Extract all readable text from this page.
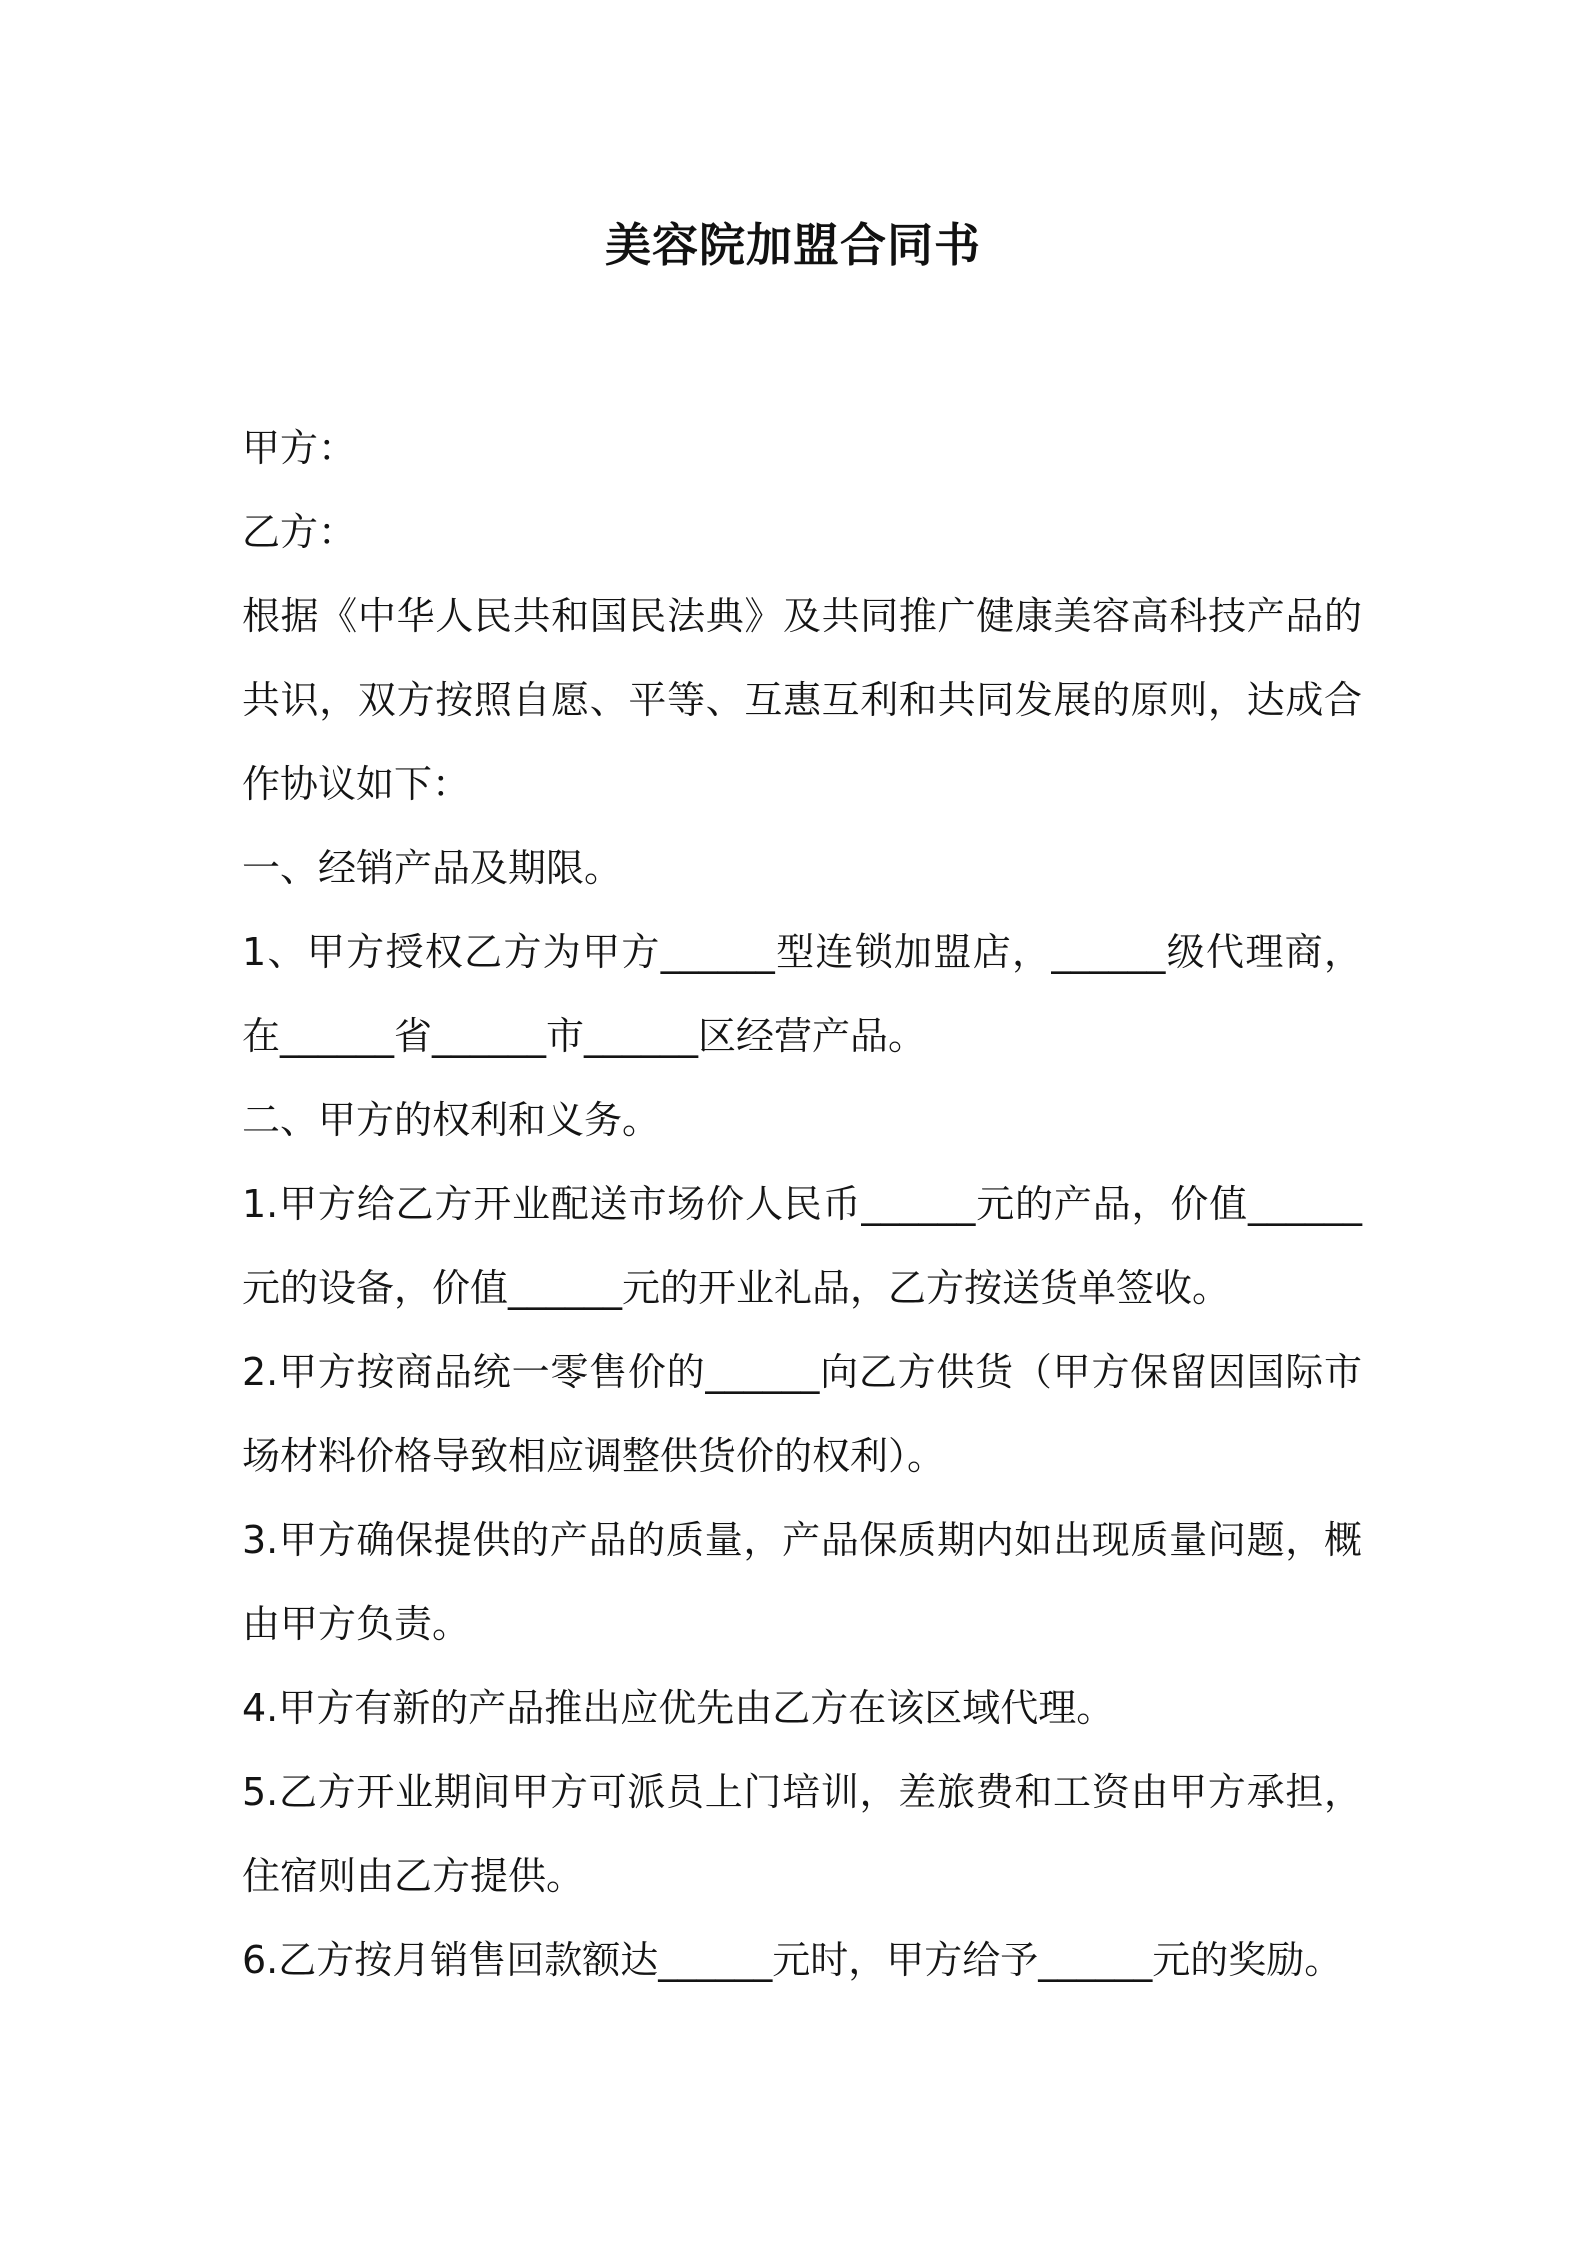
美容院加盟合同书

甲方：

乙方：

根据《中华人民共和国民法典》及共同推广健康美容高科技产品的共识，双方按照自愿、平等、互惠互利和共同发展的原则，达成合作协议如下：

一、经销产品及期限。

1、甲方授权乙方为甲方______型连锁加盟店，______级代理商，在______省______市______区经营产品。

二、甲方的权利和义务。

1.甲方给乙方开业配送市场价人民币______元的产品，价值______元的设备，价值______元的开业礼品，乙方按送货单签收。

2.甲方按商品统一零售价的______向乙方供货（甲方保留因国际市场材料价格导致相应调整供货价的权利）。

3.甲方确保提供的产品的质量，产品保质期内如出现质量问题，概由甲方负责。

4.甲方有新的产品推出应优先由乙方在该区域代理。

5.乙方开业期间甲方可派员上门培训，差旅费和工资由甲方承担，住宿则由乙方提供。

6.乙方按月销售回款额达______元时，甲方给予______元的奖励。
